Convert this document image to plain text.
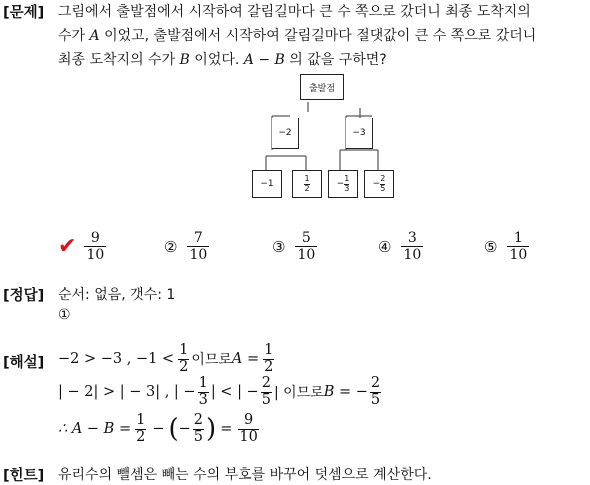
[문제] 그림에서 출발점에서 시작하여 갈림길마다 큰 수 쪽으로 갔더니 최종 도착지의
수가 A 이었고, 출발점에서 시작하여 갈림길마다 절댓값이 큰 수 쪽으로 갔더니
최종 도착지의 수가 B 이었다. A − B 의 값을 구하면?
출발점
−2	−3
−1	$\frac{1}{2}$	− $\frac{1}{3}$	− $\frac{2}{5}$
✔ $\frac{9}{10}$	② $\frac{7}{10}$	③ $\frac{5}{10}$	④ $\frac{3}{10}$	⑤ $\frac{1}{10}$
[정답] 순서: 없음, 갯수: 1
①
[해설] −2 > −3 , $-1 < \frac{1}{2}$ 이므로 $A = \frac{1}{2}$
| − 2| > | − 3| , | − $\frac{1}{3}$ | < | − $\frac{2}{5}$ | 이므로 B = − $\frac{2}{5}$
∴ $A - B = \frac{1}{2}$ − ( − $\frac{2}{5}$ ) = $\frac{9}{10}$
[힌트] 유리수의 뺄셈은 빼는 수의 부호를 바꾸어 덧셈으로 계산한다.
